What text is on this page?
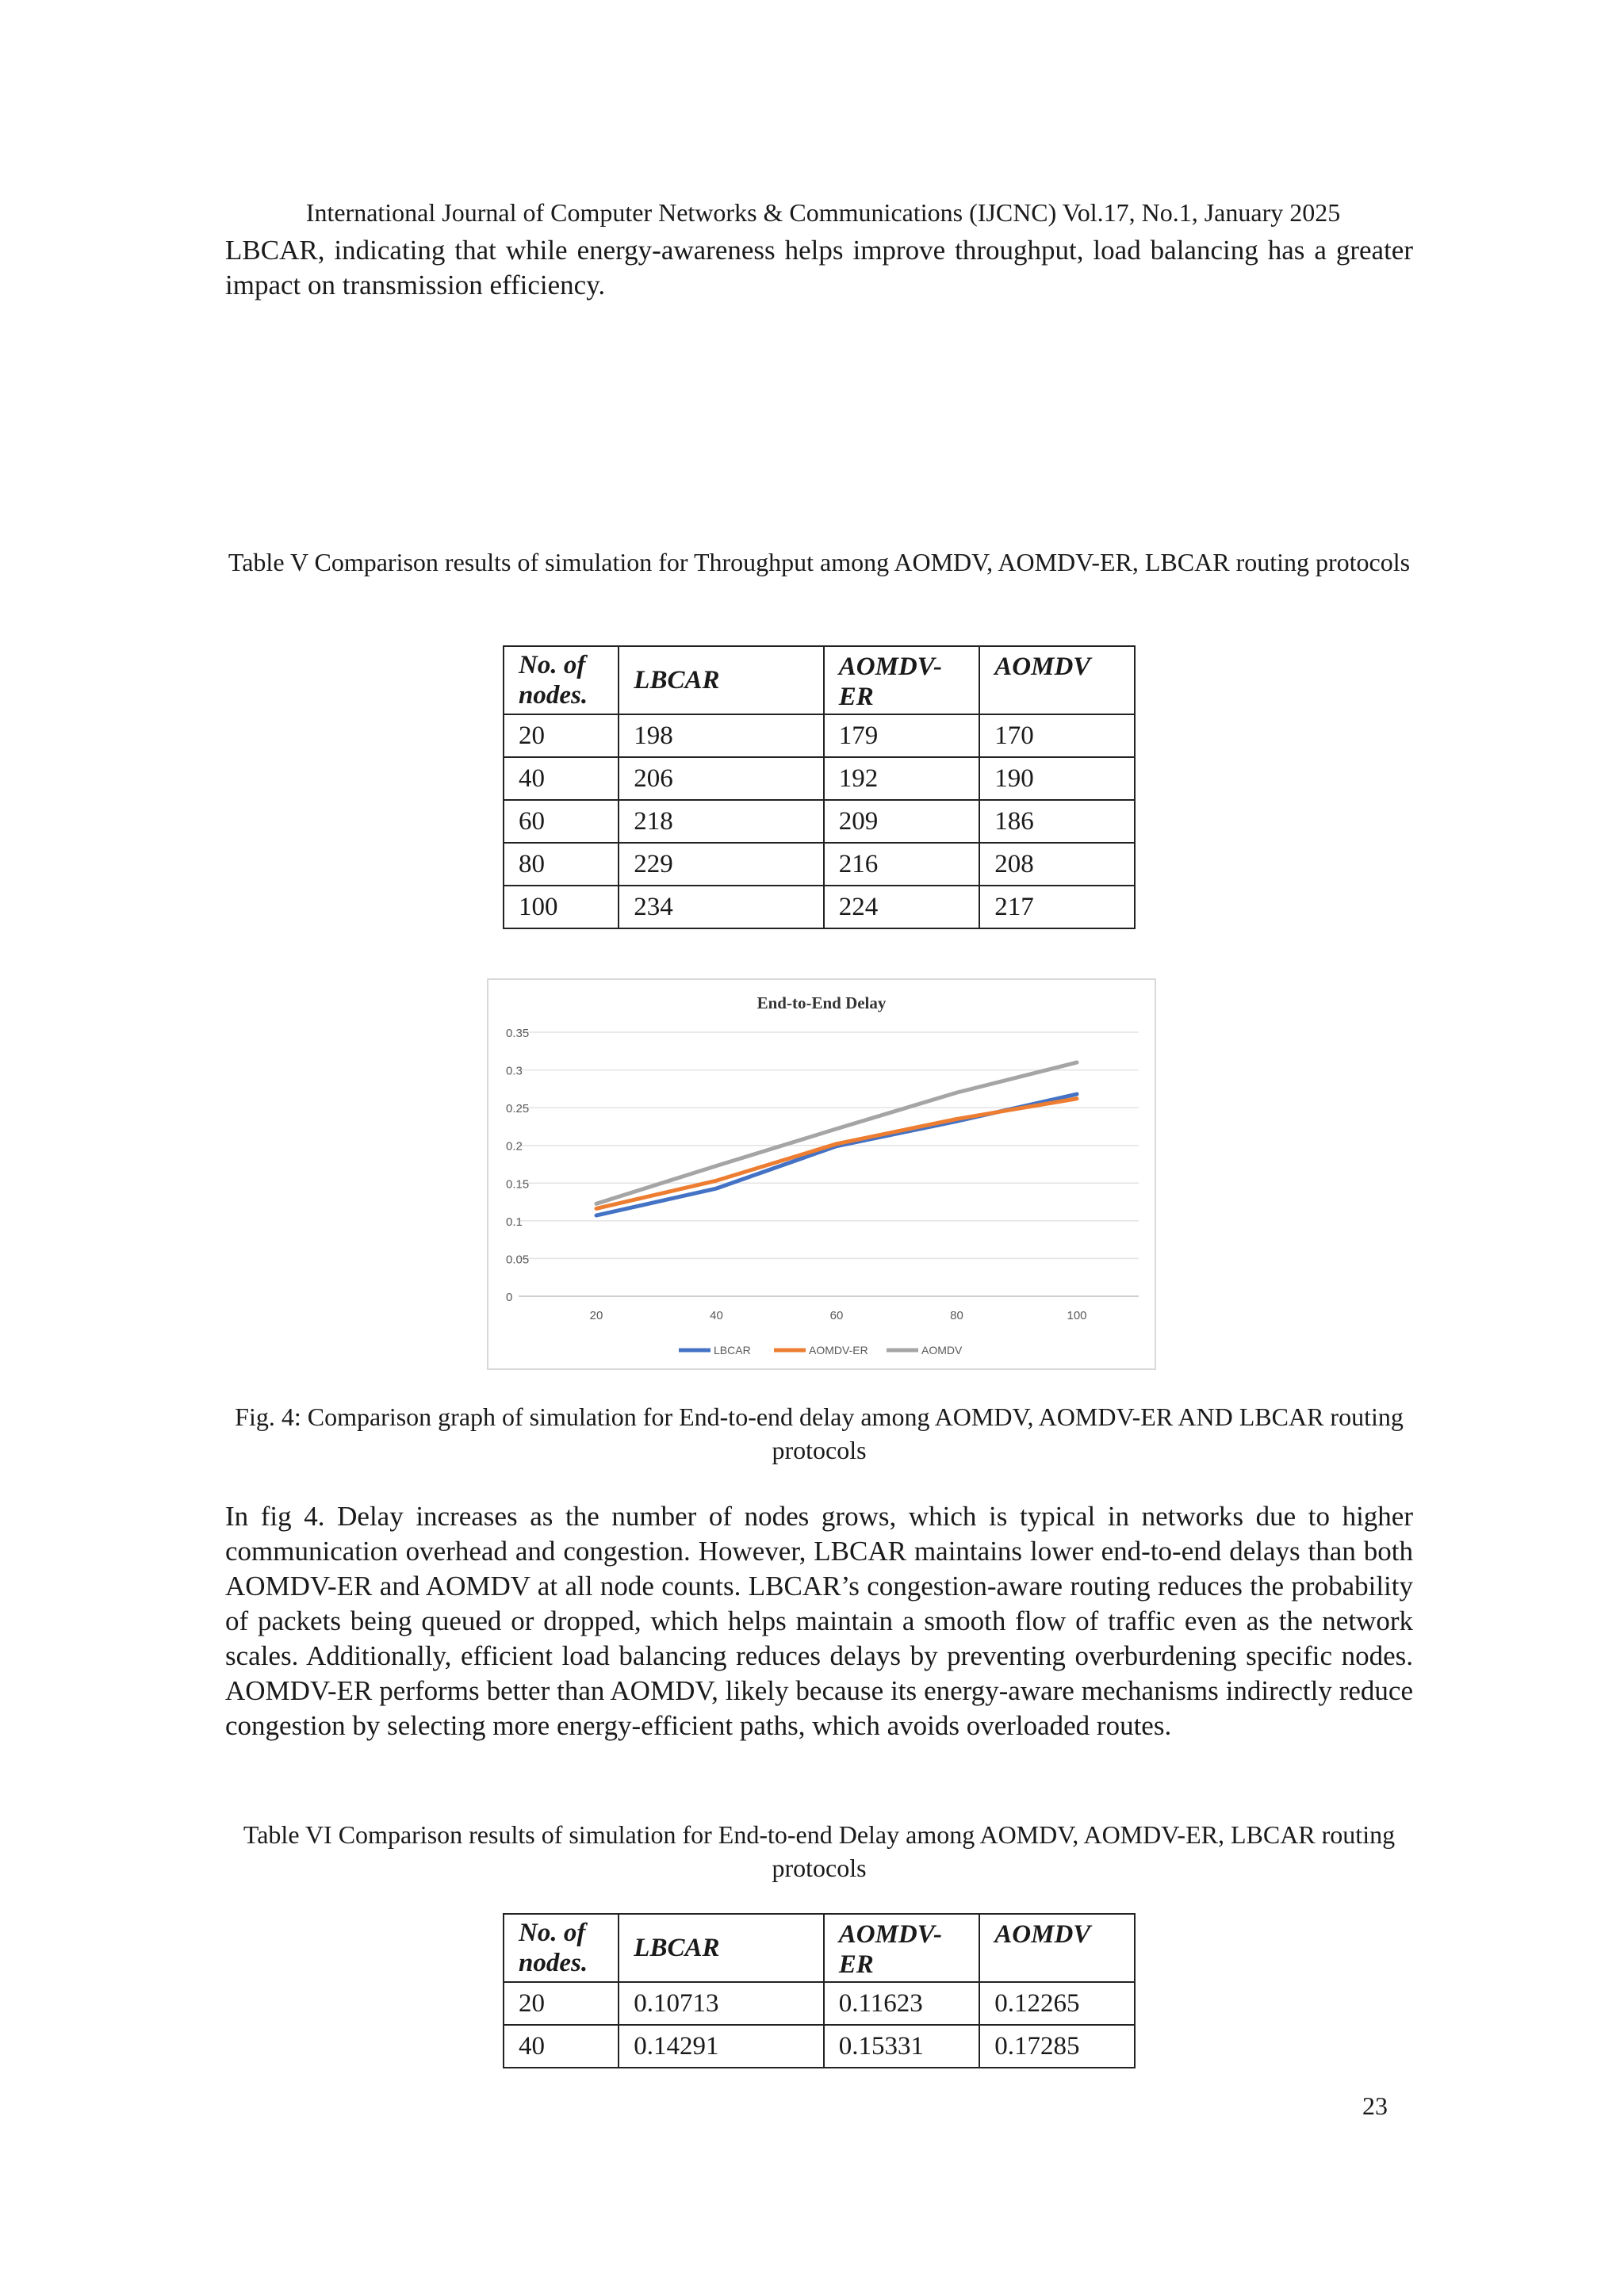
International Journal of Computer Networks & Communications (IJCNC) Vol.17, No.1, January 2025

LBCAR, indicating that while energy-awareness helps improve throughput, load balancing has a greater impact on transmission efficiency.

Table V Comparison results of simulation for Throughput among AOMDV, AOMDV-ER, LBCAR routing protocols
No. of nodes.	LBCAR	AOMDV-ER	AOMDV
20	198	179	170
40	206	192	190
60	218	209	186
80	229	216	208
100	234	224	217
End-to-End Delay
0
0.05
0.1
0.15
0.2
0.25
0.3
0.35
20	40	60	80	100
LBCAR	AOMDV-ER	AOMDV
Fig. 4: Comparison graph of simulation for End-to-end delay among AOMDV, AOMDV-ER AND LBCAR routing protocols

In fig 4. Delay increases as the number of nodes grows, which is typical in networks due to higher communication overhead and congestion. However, LBCAR maintains lower end-to-end delays than both AOMDV-ER and AOMDV at all node counts. LBCAR’s congestion-aware routing reduces the probability of packets being queued or dropped, which helps maintain a smooth flow of traffic even as the network scales. Additionally, efficient load balancing reduces delays by preventing overburdening specific nodes. AOMDV-ER performs better than AOMDV, likely because its energy-aware mechanisms indirectly reduce congestion by selecting more energy-efficient paths, which avoids overloaded routes.

Table VI Comparison results of simulation for End-to-end Delay among AOMDV, AOMDV-ER, LBCAR routing protocols
No. of nodes.	LBCAR	AOMDV-ER	AOMDV
20	0.10713	0.11623	0.12265
40	0.14291	0.15331	0.17285
23
